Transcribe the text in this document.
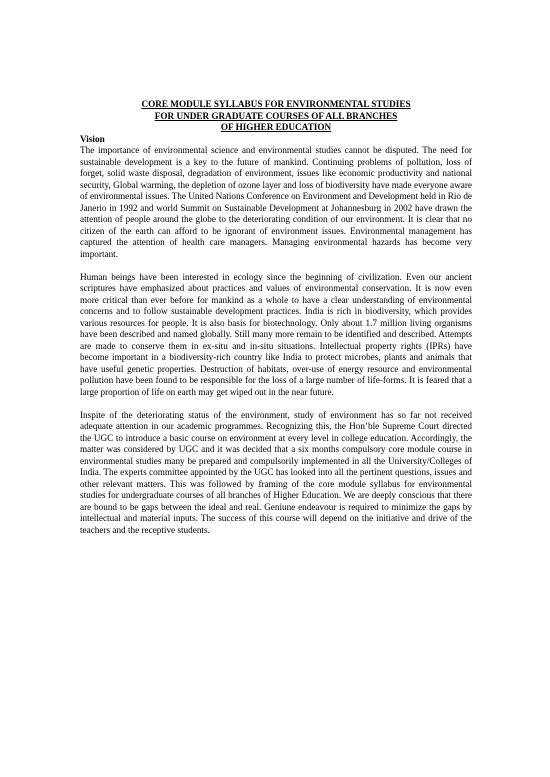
CORE MODULE SYLLABUS FOR ENVIRONMENTAL STUDIES
FOR UNDER GRADUATE COURSES OF ALL BRANCHES
OF HIGHER EDUCATION

Vision

The importance of environmental science and environmental studies cannot be disputed. The need for sustainable development is a key to the future of mankind. Continuing problems of pollution, loss of forget, solid waste disposal, degradation of environment, issues like economic productivity and national security, Global warming, the depletion of ozone layer and loss of biodiversity have made everyone aware of environmental issues. The United Nations Conference on Environment and Development held in Rio de Janerio in 1992 and world Summit on Sustainable Development at Johannesburg in 2002 have drawn the attention of people around the globe to the deteriorating condition of our environment. It is clear that no citizen of the earth can afford to be ignorant of environment issues. Environmental management has captured the attention of health care managers. Managing environmental hazards has become very important.

Human beings have been interested in ecology since the beginning of civilization. Even our ancient scriptures have emphasized about practices and values of environmental conservation. It is now even more critical than ever before for mankind as a whole to have a clear understanding of environmental concerns and to follow sustainable development practices. India is rich in biodiversity, which provides various resources for people. It is also basis for biotechnology. Only about 1.7 million living organisms have been described and named globally. Still many more remain to be identified and described. Attempts are made to conserve them in ex-situ and in-situ situations. Intellectual property rights (IPRs) have become important in a biodiversity-rich country like India to protect microbes, plants and animals that have useful genetic properties. Destruction of habitats, over-use of energy resource and environmental pollution have been found to be responsible for the loss of a large number of life-forms. It is feared that a large proportion of life on earth may get wiped out in the near future.

Inspite of the deteriorating status of the environment, study of environment has so far not received adequate attention in our academic programmes. Recognizing this, the Hon’ble Supreme Court directed the UGC to introduce a basic course on environment at every level in college education. Accordingly, the matter was considered by UGC and it was decided that a six months compulsory core module course in environmental studies many be prepared and compulsorily implemented in all the University/Colleges of India. The experts committee appointed by the UGC has looked into all the pertinent questions, issues and other relevant matters. This was followed by framing of the core module syllabus for environmental studies for undergraduate courses of all branches of Higher Education. We are deeply conscious that there are bound to be gaps between the ideal and real. Geniune endeavour is required to minimize the gaps by intellectual and material inputs. The success of this course will depend on the initiative and drive of the teachers and the receptive students.
